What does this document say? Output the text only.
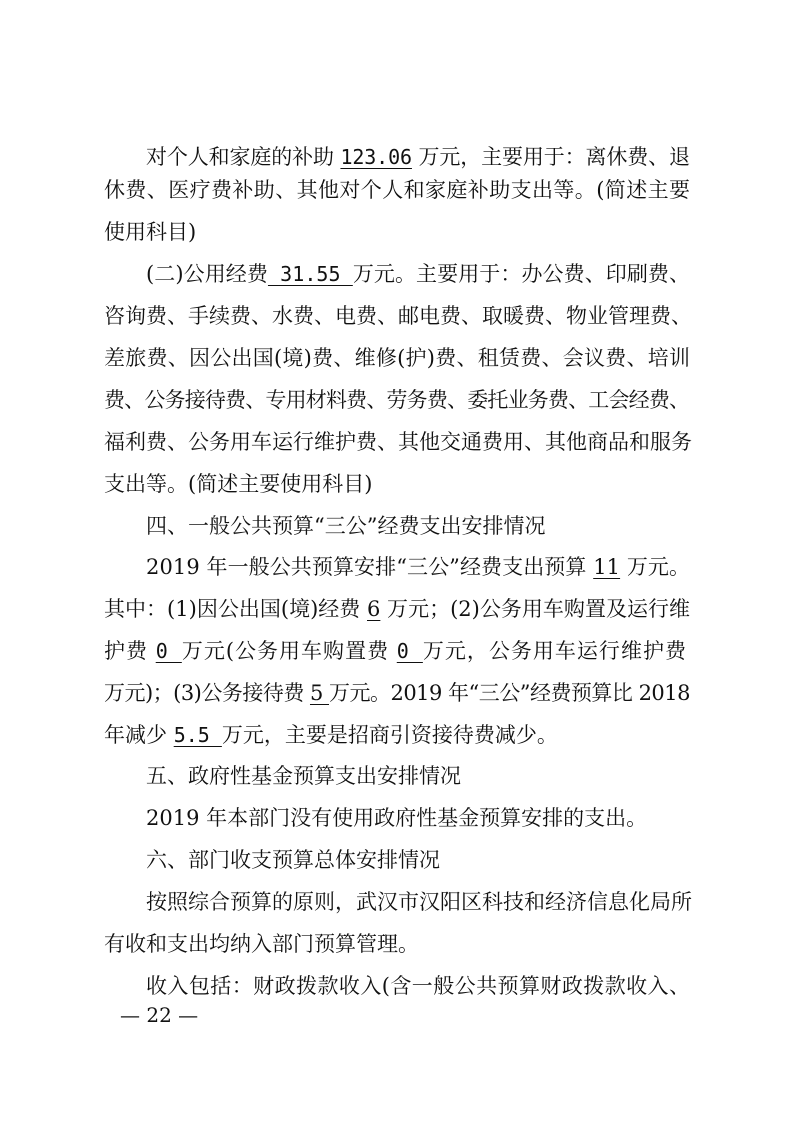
对个人和家庭的补助 123.06 万元，主要用于：离休费、退
休费、医疗费补助、其他对个人和家庭补助支出等。(简述主要
使用科目)
(二)公用经费 31.55 万元。主要用于：办公费、印刷费、
咨询费、手续费、水费、电费、邮电费、取暖费、物业管理费、
差旅费、因公出国(境)费、维修(护)费、租赁费、会议费、培训
费、公务接待费、专用材料费、劳务费、委托业务费、工会经费、
福利费、公务用车运行维护费、其他交通费用、其他商品和服务
支出等。(简述主要使用科目)
四、一般公共预算“三公”经费支出安排情况
2019 年一般公共预算安排“三公”经费支出预算 11 万元。
其中：(1)因公出国(境)经费 6 万元；(2)公务用车购置及运行维
护费 0 万元(公务用车购置费 0 万元，公务用车运行维护费
万元)；(3)公务接待费 5 万元。2019 年“三公”经费预算比 2018
年减少 5.5 万元，主要是招商引资接待费减少。
五、政府性基金预算支出安排情况
2019 年本部门没有使用政府性基金预算安排的支出。
六、部门收支预算总体安排情况
按照综合预算的原则，武汉市汉阳区科技和经济信息化局所
有收和支出均纳入部门预算管理。
收入包括：财政拨款收入(含一般公共预算财政拨款收入、
— 22 —
